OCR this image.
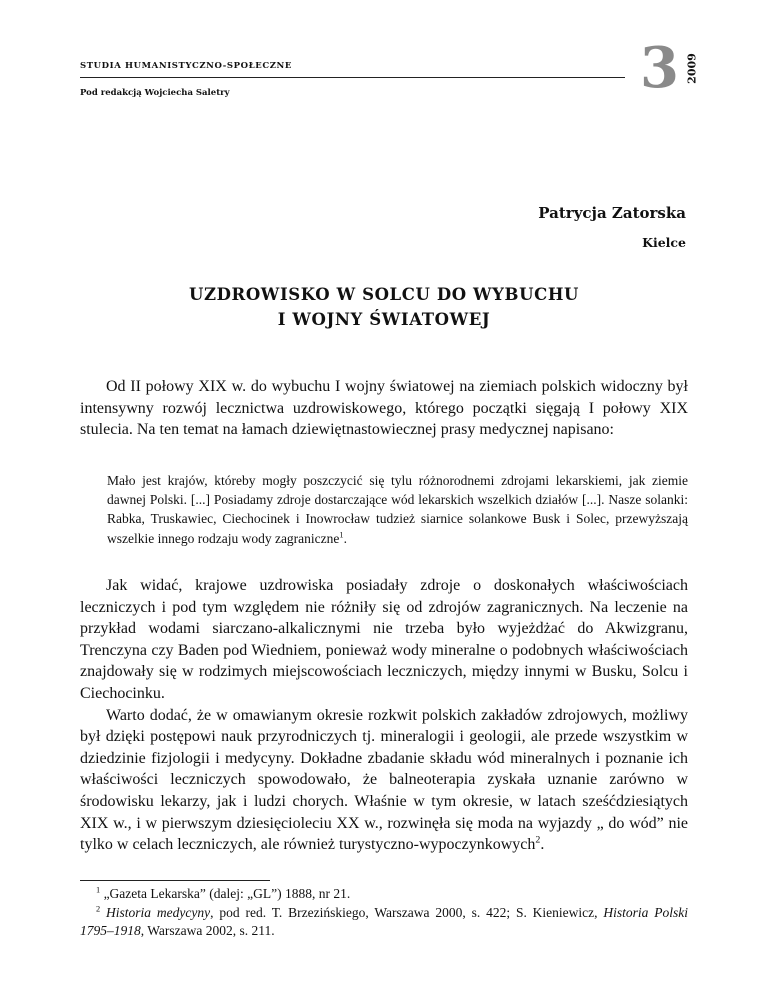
STUDIA HUMANISTYCZNO-SPOŁECZNE
Pod redakcją Wojciecha Saletry	3 2009
Patrycja Zatorska
Kielce
UZDROWISKO W SOLCU DO WYBUCHU
I WOJNY ŚWIATOWEJ
Od II połowy XIX w. do wybuchu I wojny światowej na ziemiach polskich widoczny był intensywny rozwój lecznictwa uzdrowiskowego, którego początki sięgają I połowy XIX stulecia. Na ten temat na łamach dziewiętnastowiecznej prasy medycznej napisano:
Mało jest krajów, któreby mogły poszczycić się tylu różnorodnemi zdrojami lekarskiemi, jak ziemie dawnej Polski. [...] Posiadamy zdroje dostarczające wód lekarskich wszelkich działów [...]. Nasze solanki: Rabka, Truskawiec, Ciechocinek i Inowrocław tudzież siarnice solankowe Busk i Solec, przewyższają wszelkie innego rodzaju wody zagraniczne$^1$.

Jak widać, krajowe uzdrowiska posiadały zdroje o doskonałych właściwościach leczniczych i pod tym względem nie różniły się od zdrojów zagranicznych. Na leczenie na przykład wodami siarczano-alkalicznymi nie trzeba było wyjeżdżać do Akwizgranu, Trenczyna czy Baden pod Wiedniem, ponieważ wody mineralne o podobnych właściwościach znajdowały się w rodzimych miejscowościach leczniczych, między innymi w Busku, Solcu i Ciechocinku.

Warto dodać, że w omawianym okresie rozkwit polskich zakładów zdrojowych, możliwy był dzięki postępowi nauk przyrodniczych tj. mineralogii i geologii, ale przede wszystkim w dziedzinie fizjologii i medycyny. Dokładne zbadanie składu wód mineralnych i poznanie ich właściwości leczniczych spowodowało, że balneoterapia zyskała uznanie zarówno w środowisku lekarzy, jak i ludzi chorych. Właśnie w tym okresie, w latach sześćdziesiątych XIX w., i w pierwszym dziesięcioleciu XX w., rozwinęła się moda na wyjazdy „ do wód” nie tylko w celach leczniczych, ale również turystyczno-wypoczynkowych$^2$.

$^1$ „Gazeta Lekarska” (dalej: „GL”) 1888, nr 21.

$^2$ Historia medycyny, pod red. T. Brzezińskiego, Warszawa 2000, s. 422; S. Kieniewicz, Historia Polski 1795–1918, Warszawa 2002, s. 211.
